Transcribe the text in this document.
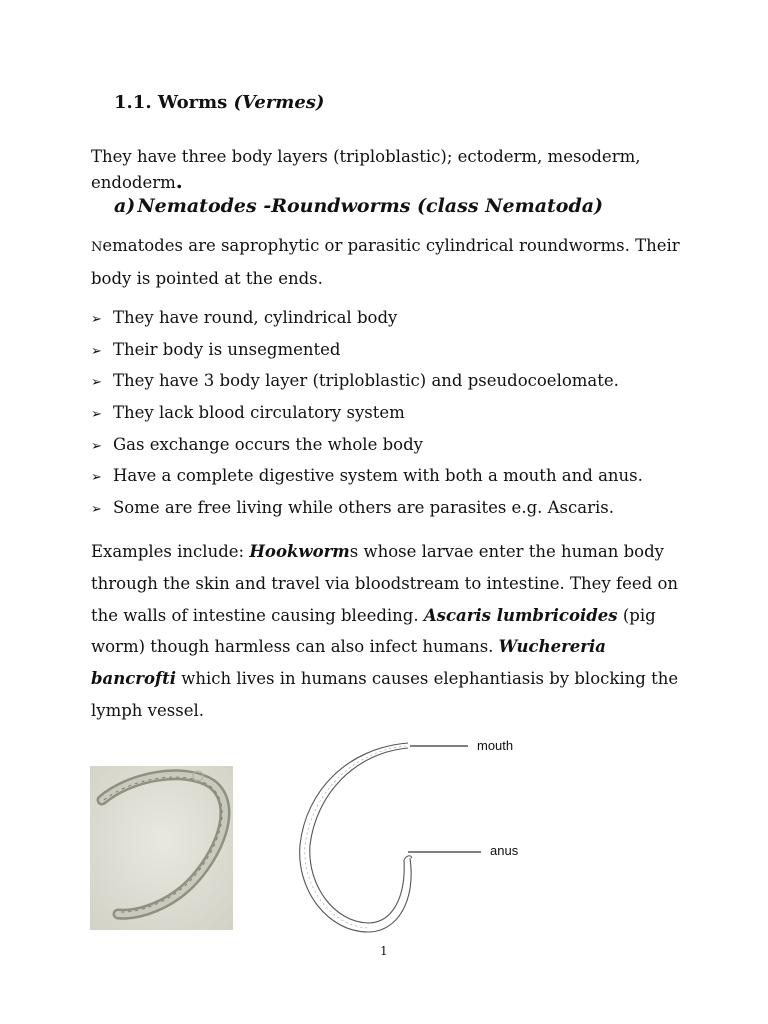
1.1. Worms (Vermes)

They have three body layers (triploblastic); ectoderm, mesoderm, endoderm.

a) Nematodes -Roundworms (class Nematoda)

Nematodes are saprophytic or parasitic cylindrical roundworms. Their body is pointed at the ends.

➢ They have round, cylindrical body
➢ Their body is unsegmented
➢ They have 3 body layer (triploblastic) and pseudocoelomate.
➢ They lack blood circulatory system
➢ Gas exchange occurs the whole body
➢ Have a complete digestive system with both a mouth and anus.
➢ Some are free living while others are parasites e.g. Ascaris.

Examples include: Hookworms whose larvae enter the human body through the skin and travel via bloodstream to intestine. They feed on the walls of intestine causing bleeding. Ascaris lumbricoides (pig worm) though harmless can also infect humans. Wuchereria bancrofti which lives in humans causes elephantiasis by blocking the lymph vessel.

mouth
anus
1
